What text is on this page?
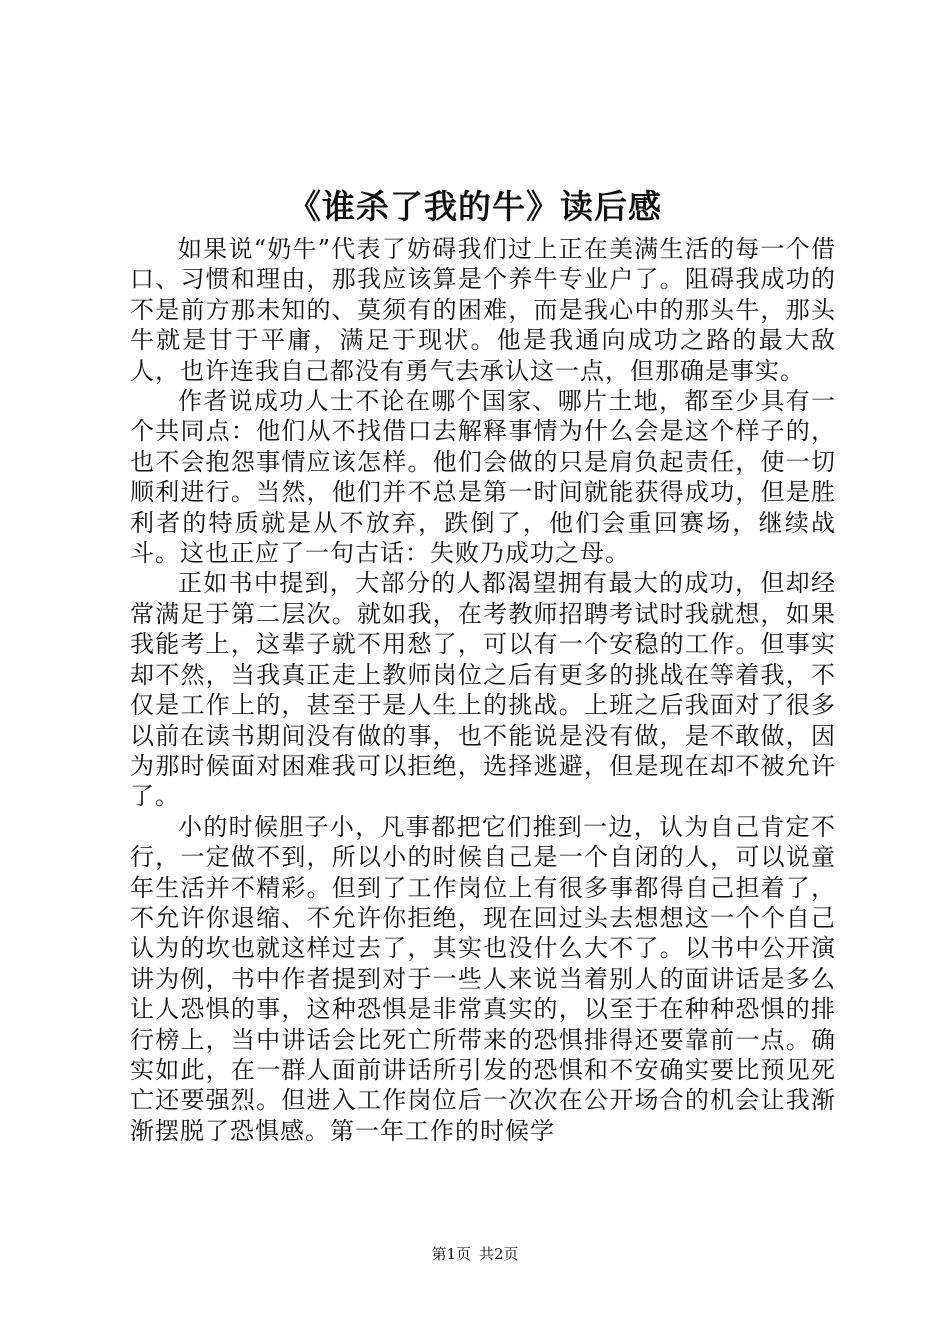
《谁杀了我的牛》读后感

如果说“奶牛”代表了妨碍我们过上正在美满生活的每一个借口、习惯和理由，那我应该算是个养牛专业户了。阻碍我成功的不是前方那未知的、莫须有的困难，而是我心中的那头牛，那头牛就是甘于平庸，满足于现状。他是我通向成功之路的最大敌人，也许连我自己都没有勇气去承认这一点，但那确是事实。

作者说成功人士不论在哪个国家、哪片土地，都至少具有一个共同点：他们从不找借口去解释事情为什么会是这个样子的，也不会抱怨事情应该怎样。他们会做的只是肩负起责任，使一切顺利进行。当然，他们并不总是第一时间就能获得成功，但是胜利者的特质就是从不放弃，跌倒了，他们会重回赛场，继续战斗。这也正应了一句古话：失败乃成功之母。

正如书中提到，大部分的人都渴望拥有最大的成功，但却经常满足于第二层次。就如我，在考教师招聘考试时我就想，如果我能考上，这辈子就不用愁了，可以有一个安稳的工作。但事实却不然，当我真正走上教师岗位之后有更多的挑战在等着我，不仅是工作上的，甚至于是人生上的挑战。上班之后我面对了很多以前在读书期间没有做的事，也不能说是没有做，是不敢做，因为那时候面对困难我可以拒绝，选择逃避，但是现在却不被允许了。

小的时候胆子小，凡事都把它们推到一边，认为自己肯定不行，一定做不到，所以小的时候自己是一个自闭的人，可以说童年生活并不精彩。但到了工作岗位上有很多事都得自己担着了，不允许你退缩、不允许你拒绝，现在回过头去想想这一个个自己认为的坎也就这样过去了，其实也没什么大不了。以书中公开演讲为例，书中作者提到对于一些人来说当着别人的面讲话是多么让人恐惧的事，这种恐惧是非常真实的，以至于在种种恐惧的排行榜上，当中讲话会比死亡所带来的恐惧排得还要靠前一点。确实如此，在一群人面前讲话所引发的恐惧和不安确实要比预见死亡还要强烈。但进入工作岗位后一次次在公开场合的机会让我渐渐摆脱了恐惧感。第一年工作的时候学

第1页 共2页
